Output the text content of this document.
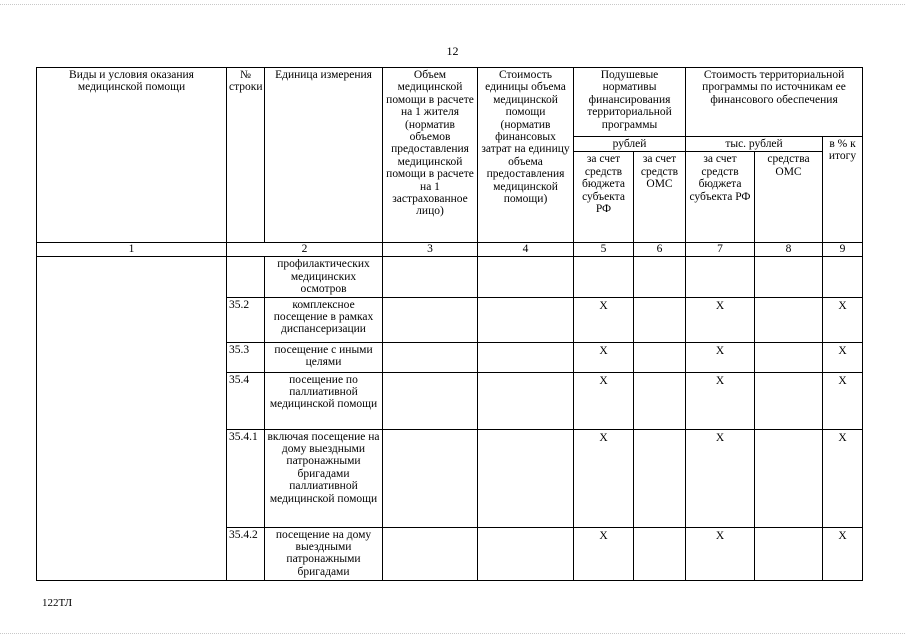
12
Виды и условия оказания медицинской помощи	№ строки	Единица измерения	Объем медицинской помощи в расчете на 1 жителя (норматив объемов предоставления медицинской помощи в расчете на 1 застрахованное лицо)	Стоимость единицы объема медицинской помощи (норматив финансовых затрат на единицу объема предоставления медицинской помощи)	Подушевые нормативы финансирования территориальной программы		Стоимость территориальной программы по источникам ее финансового обеспечения		
					рублей		тыс. рублей		в % к итогу
					за счет средств бюджета субъекта РФ	за счет средств ОМС	за счет средств бюджета субъекта РФ	средства ОМС	
1	2		3	4	5	6	7	8	9
		профилактических медицинских осмотров							
	35.2	комплексное посещение в рамках диспансеризации			X		X		X
	35.3	посещение с иными целями			X		X		X
	35.4	посещение по паллиативной медицинской помощи			X		X		X
	35.4.1	включая посещение на дому выездными патронажными бригадами паллиативной медицинской помощи			X		X		X
	35.4.2	посещение на дому выездными патронажными бригадами			X		X		X
122ТЛ
